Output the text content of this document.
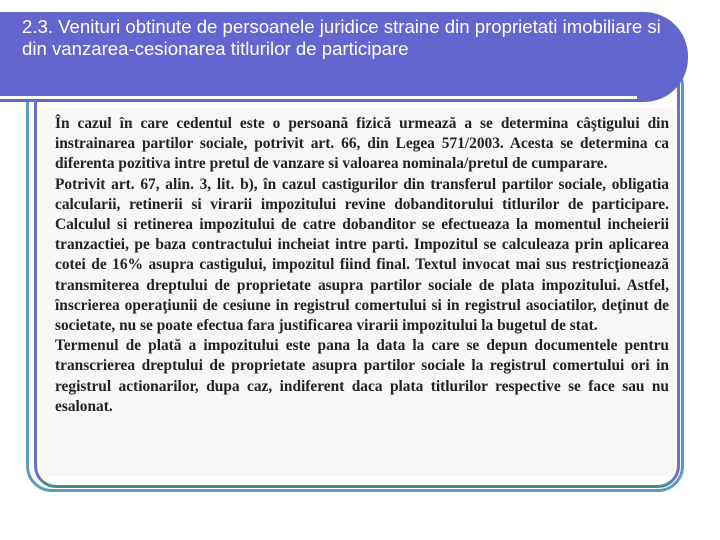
2.3. Venituri obtinute de persoanele juridice straine din proprietati imobiliare si din vanzarea-cesionarea titlurilor de participare

În cazul în care cedentul este o persoană fizică urmează a se determina câştigului din instrainarea partilor sociale, potrivit art. 66, din Legea 571/2003. Acesta se determina ca diferenta pozitiva intre pretul de vanzare si valoarea nominala/pretul de cumparare.

Potrivit art. 67, alin. 3, lit. b), în cazul castigurilor din transferul partilor sociale, obligatia calcularii, retinerii si virarii impozitului revine dobanditorului titlurilor de participare. Calculul si retinerea impozitului de catre dobanditor se efectueaza la momentul incheierii tranzactiei, pe baza contractului incheiat intre parti. Impozitul se calculeaza prin aplicarea cotei de 16% asupra castigului, impozitul fiind final. Textul invocat mai sus restricţionează transmiterea dreptului de proprietate asupra partilor sociale de plata impozitului. Astfel, înscrierea operaţiunii de cesiune in registrul comertului si in registrul asociatilor, deţinut de societate, nu se poate efectua fara justificarea virarii impozitului la bugetul de stat.

Termenul de plată a impozitului este pana la data la care se depun documentele pentru transcrierea dreptului de proprietate asupra partilor sociale la registrul comertului ori in registrul actionarilor, dupa caz, indiferent daca plata titlurilor respective se face sau nu esalonat.
